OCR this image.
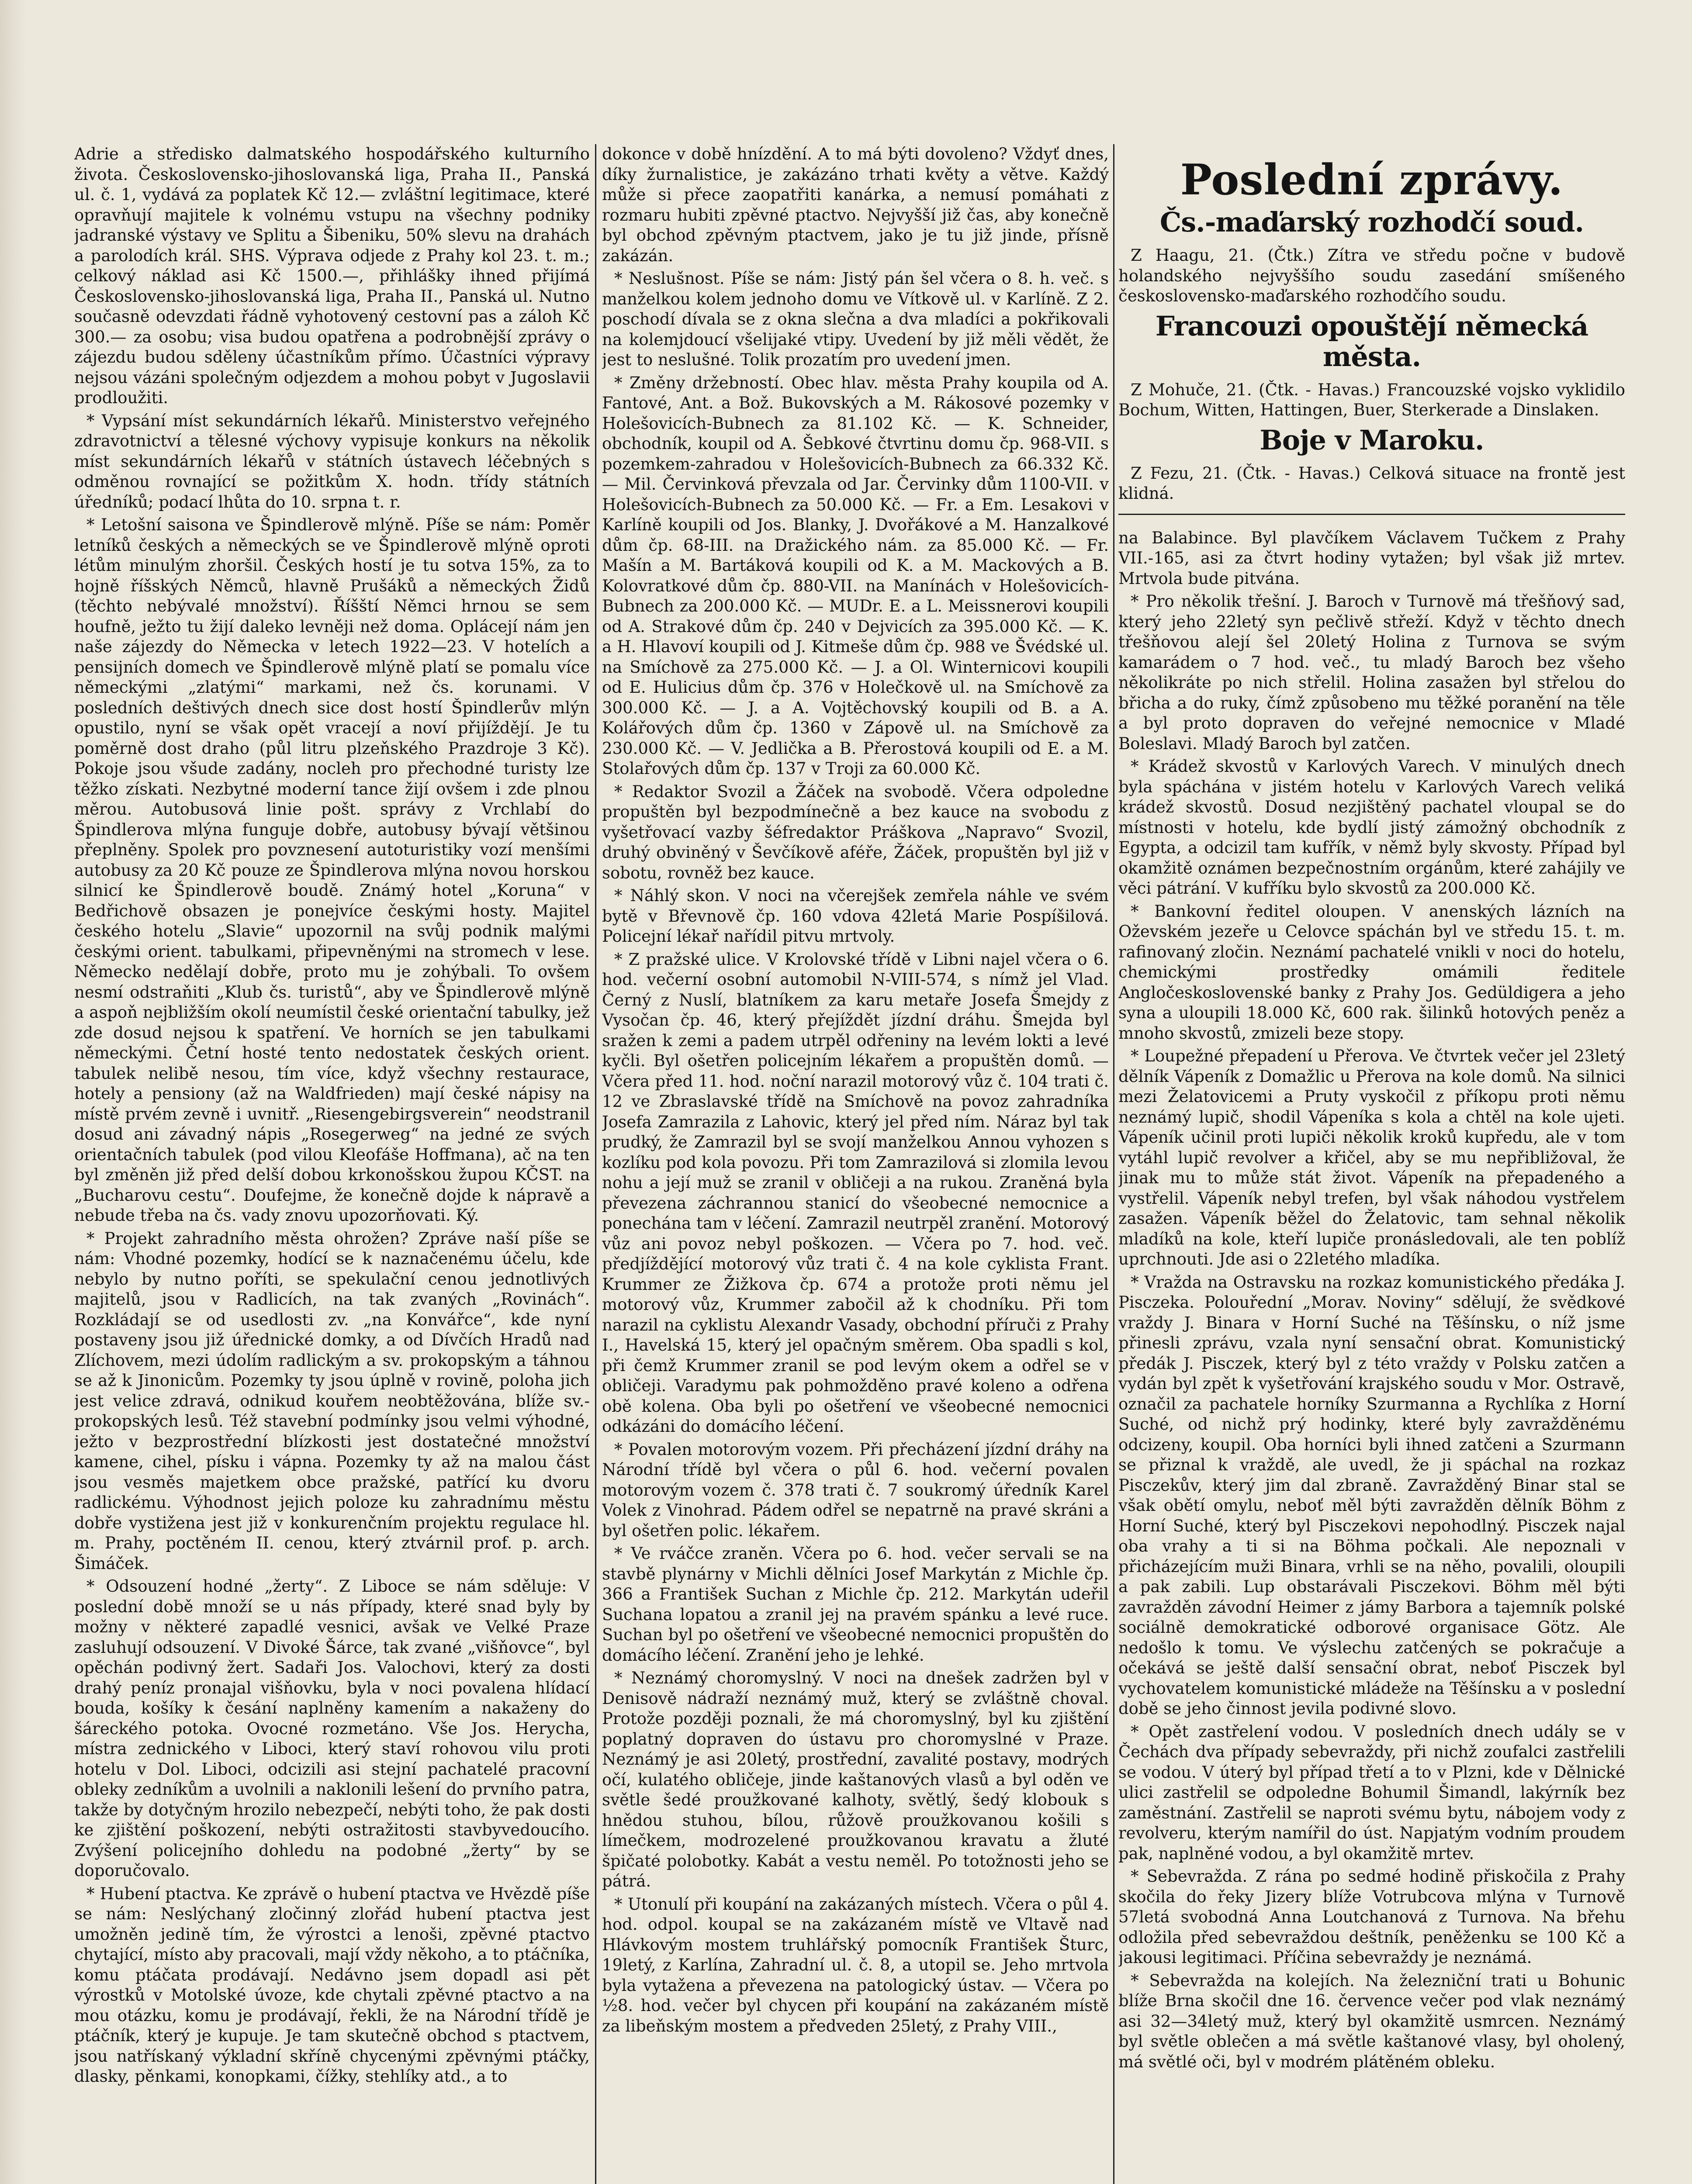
Adrie a středisko dalmatského hospodářského kulturního života. Československo-jihoslovanská liga, Praha II., Panská ul. č. 1, vydává za poplatek Kč 12.— zvláštní legitimace, které opravňují majitele k volnému vstupu na všechny podniky jadranské výstavy ve Splitu a Šibeniku, 50% slevu na drahách a parolodích král. SHS. Výprava odjede z Prahy kol 23. t. m.; celkový náklad asi Kč 1500.—, přihlášky ihned přijímá Československo-jihoslovanská liga, Praha II., Panská ul. Nutno současně odevzdati řádně vyhotovený cestovní pas a záloh Kč 300.— za osobu; visa budou opatřena a podrobnější zprávy o zájezdu budou sděleny účastníkům přímo. Účastníci výpravy nejsou vázáni společným odjezdem a mohou pobyt v Jugoslavii prodloužiti.

* Vypsání míst sekundárních lékařů. Ministerstvo veřejného zdravotnictví a tělesné výchovy vypisuje konkurs na několik míst sekundárních lékařů v státních ústavech léčebných s odměnou rovnající se požitkům X. hodn. třídy státních úředníků; podací lhůta do 10. srpna t. r.

* Letošní saisona ve Špindlerově mlýně. Píše se nám: Poměr letníků českých a německých se ve Špindlerově mlýně oproti létům minulým zhoršil. Českých hostí je tu sotva 15%, za to hojně říšských Němců, hlavně Prušáků a německých Židů (těchto nebývalé množství). Říšští Němci hrnou se sem houfně, ježto tu žijí daleko levněji než doma. Oplácejí nám jen naše zájezdy do Německa v letech 1922—23. V hotelích a pensijních domech ve Špindlerově mlýně platí se pomalu více německými „zlatými“ markami, než čs. korunami. V posledních deštivých dnech sice dost hostí Špindlerův mlýn opustilo, nyní se však opět vracejí a noví přijíždějí. Je tu poměrně dost draho (půl litru plzeňského Prazdroje 3 Kč). Pokoje jsou všude zadány, nocleh pro přechodné turisty lze těžko získati. Nezbytné moderní tance žijí ovšem i zde plnou měrou. Autobusová linie pošt. správy z Vrchlabí do Špindlerova mlýna funguje dobře, autobusy bývají většinou přeplněny. Spolek pro povznesení autoturistiky vozí menšími autobusy za 20 Kč pouze ze Špindlerova mlýna novou horskou silnicí ke Špindlerově boudě. Známý hotel „Koruna“ v Bedřichově obsazen je ponejvíce českými hosty. Majitel českého hotelu „Slavie“ upozornil na svůj podnik malými českými orient. tabulkami, připevněnými na stromech v lese. Německo nedělají dobře, proto mu je zohýbali. To ovšem nesmí odstraňiti „Klub čs. turistů“, aby ve Špindlerově mlýně a aspoň nejbližším okolí neumístil české orientační tabulky, jež zde dosud nejsou k spatření. Ve horních se jen tabulkami německými. Četní hosté tento nedostatek českých orient. tabulek nelibě nesou, tím více, když všechny restaurace, hotely a pensiony (až na Waldfrieden) mají české nápisy na místě prvém zevně i uvnitř. „Riesengebirgsverein“ neodstranil dosud ani závadný nápis „Rosegerweg“ na jedné ze svých orientačních tabulek (pod vilou Kleofáše Hoffmana), ač na ten byl změněn již před delší dobou krkonošskou župou KČST. na „Bucharovu cestu“. Doufejme, že konečně dojde k nápravě a nebude třeba na čs. vady znovu upozorňovati. Ký.

* Projekt zahradního města ohrožen? Zpráve naší píše se nám: Vhodné pozemky, hodící se k naznačenému účelu, kde nebylo by nutno poříti, se spekulační cenou jednotlivých majitelů, jsou v Radlicích, na tak zvaných „Rovinách“. Rozkládají se od usedlosti zv. „na Konvářce“, kde nyní postaveny jsou již úřednické domky, a od Dívčích Hradů nad Zlíchovem, mezi údolím radlickým a sv. prokopským a táhnou se až k Jinonicům. Pozemky ty jsou úplně v rovině, poloha jich jest velice zdravá, odnikud kouřem neobtěžována, blíže sv.-prokopských lesů. Též stavební podmínky jsou velmi výhodné, ježto v bezprostřední blízkosti jest dostatečné množství kamene, cihel, písku i vápna. Pozemky ty až na malou část jsou vesměs majetkem obce pražské, patřící ku dvoru radlickému. Výhodnost jejich poloze ku zahradnímu městu dobře vystižena jest již v konkurenčním projektu regulace hl. m. Prahy, poctěném II. cenou, který ztvárnil prof. p. arch. Šimáček.

* Odsouzení hodné „žerty“. Z Liboce se nám sděluje: V poslední době množí se u nás případy, které snad byly by možny v některé zapadlé vesnici, avšak ve Velké Praze zasluhují odsouzení. V Divoké Šárce, tak zvané „višňovce“, byl opěchán podivný žert. Sadaři Jos. Valochovi, který za dosti drahý peníz pronajal višňovku, byla v noci povalena hlídací bouda, košíky k česání naplněny kamením a nakaženy do šáreckého potoka. Ovocné rozmetáno. Vše Jos. Herycha, místra zednického v Liboci, který staví rohovou vilu proti hotelu v Dol. Liboci, odcizili asi stejní pachatelé pracovní obleky zedníkům a uvolnili a naklonili lešení do prvního patra, takže by dotyčným hrozilo nebezpečí, nebýti toho, že pak dosti ke zjištění poškození, nebýti ostražitosti stavbyvedoucího. Zvýšení policejního dohledu na podobné „žerty“ by se doporučovalo.

* Hubení ptactva. Ke zprávě o hubení ptactva ve Hvězdě píše se nám: Neslýchaný zločinný zlořád hubení ptactva jest umožněn jedině tím, že výrostci a lenoši, zpěvné ptactvo chytající, místo aby pracovali, mají vždy někoho, a to ptáčníka, komu ptáčata prodávají. Nedávno jsem dopadl asi pět výrostků v Motolské úvoze, kde chytali zpěvné ptactvo a na mou otázku, komu je prodávají, řekli, že na Národní třídě je ptáčník, který je kupuje. Je tam skutečně obchod s ptactvem, jsou natřískaný výkladní skříně chycenými zpěvnými ptáčky, dlasky, pěnkami, konopkami, čížky, stehlíky atd., a to

dokonce v době hnízdění. A to má býti dovoleno? Vždyť dnes, díky žurnalistice, je zakázáno trhati květy a větve. Každý může si přece zaopatřiti kanárka, a nemusí pomáhati z rozmaru hubiti zpěvné ptactvo. Nejvyšší již čas, aby konečně byl obchod zpěvným ptactvem, jako je tu již jinde, přísně zakázán.

* Neslušnost. Píše se nám: Jistý pán šel včera o 8. h. več. s manželkou kolem jednoho domu ve Vítkově ul. v Karlíně. Z 2. poschodí dívala se z okna slečna a dva mladíci a pokřikovali na kolemjdoucí všelijaké vtipy. Uvedení by již měli vědět, že jest to neslušné. Tolik prozatím pro uvedení jmen.

* Změny držebností. Obec hlav. města Prahy koupila od A. Fantové, Ant. a Bož. Bukovských a M. Rákosové pozemky v Holešovicích-Bubnech za 81.102 Kč. — K. Schneider, obchodník, koupil od A. Šebkové čtvrtinu domu čp. 968-VII. s pozemkem-zahradou v Holešovicích-Bubnech za 66.332 Kč. — Mil. Červinková převzala od Jar. Červinky dům 1100-VII. v Holešovicích-Bubnech za 50.000 Kč. — Fr. a Em. Lesakovi v Karlíně koupili od Jos. Blanky, J. Dvořákové a M. Hanzalkové dům čp. 68-III. na Dražického nám. za 85.000 Kč. — Fr. Mašín a M. Bartáková koupili od K. a M. Mackových a B. Kolovratkové dům čp. 880-VII. na Manínách v Holešovicích-Bubnech za 200.000 Kč. — MUDr. E. a L. Meissnerovi koupili od A. Strakové dům čp. 240 v Dejvicích za 395.000 Kč. — K. a H. Hlavoví koupili od J. Kitmeše dům čp. 988 ve Švédské ul. na Smíchově za 275.000 Kč. — J. a Ol. Winternicovi koupili od E. Hulicius dům čp. 376 v Holečkově ul. na Smíchově za 300.000 Kč. — J. a A. Vojtěchovský koupili od B. a A. Kolářových dům čp. 1360 v Zápově ul. na Smíchově za 230.000 Kč. — V. Jedlička a B. Přerostová koupili od E. a M. Stolařových dům čp. 137 v Troji za 60.000 Kč.

* Redaktor Svozil a Žáček na svobodě. Včera odpoledne propuštěn byl bezpodmínečně a bez kauce na svobodu z vyšetřovací vazby šéfredaktor Práškova „Napravo“ Svozil, druhý obviněný v Ševčíkově aféře, Žáček, propuštěn byl již v sobotu, rovněž bez kauce.

* Náhlý skon. V noci na včerejšek zemřela náhle ve svém bytě v Břevnově čp. 160 vdova 42letá Marie Pospíšilová. Policejní lékař nařídil pitvu mrtvoly.

* Z pražské ulice. V Krolovské třídě v Libni najel včera o 6. hod. večerní osobní automobil N-VIII-574, s nímž jel Vlad. Černý z Nuslí, blatníkem za karu metaře Josefa Šmejdy z Vysočan čp. 46, který přejíždět jízdní dráhu. Šmejda byl sražen k zemi a padem utrpěl odřeniny na levém lokti a levé kyčli. Byl ošetřen policejním lékařem a propuštěn domů. — Včera před 11. hod. noční narazil motorový vůz č. 104 trati č. 12 ve Zbraslavské třídě na Smíchově na povoz zahradníka Josefa Zamrazila z Lahovic, který jel před ním. Náraz byl tak prudký, že Zamrazil byl se svojí manželkou Annou vyhozen s kozlíku pod kola povozu. Při tom Zamrazilová si zlomila levou nohu a její muž se zranil v obličeji a na rukou. Zraněná byla převezena záchrannou stanicí do všeobecné nemocnice a ponechána tam v léčení. Zamrazil neutrpěl zranění. Motorový vůz ani povoz nebyl poškozen. — Včera po 7. hod. več. předjíždějící motorový vůz trati č. 4 na kole cyklista Frant. Krummer ze Žižkova čp. 674 a protože proti němu jel motorový vůz, Krummer zabočil až k chodníku. Při tom narazil na cyklistu Alexandr Vasady, obchodní příruči z Prahy I., Havelská 15, který jel opačným směrem. Oba spadli s kol, při čemž Krummer zranil se pod levým okem a odřel se v obličeji. Varadymu pak pohmožděno pravé koleno a odřena obě kolena. Oba byli po ošetření ve všeobecné nemocnici odkázáni do domácího léčení.

* Povalen motorovým vozem. Při přecházení jízdní dráhy na Národní třídě byl včera o půl 6. hod. večerní povalen motorovým vozem č. 378 trati č. 7 soukromý úředník Karel Volek z Vinohrad. Pádem odřel se nepatrně na pravé skráni a byl ošetřen polic. lékařem.

* Ve rváčce zraněn. Včera po 6. hod. večer servali se na stavbě plynárny v Michli dělníci Josef Markytán z Michle čp. 366 a František Suchan z Michle čp. 212. Markytán udeřil Suchana lopatou a zranil jej na pravém spánku a levé ruce. Suchan byl po ošetření ve všeobecné nemocnici propuštěn do domácího léčení. Zranění jeho je lehké.

* Neznámý choromyslný. V noci na dnešek zadržen byl v Denisově nádraží neznámý muž, který se zvláštně choval. Protože později poznali, že má choromyslný, byl ku zjištění poplatný dopraven do ústavu pro choromyslné v Praze. Neznámý je asi 20letý, prostřední, zavalité postavy, modrých očí, kulatého obličeje, jinde kaštanových vlasů a byl oděn ve světle šedé proužkované kalhoty, světlý, šedý klobouk s hnědou stuhou, bílou, růžově proužkovanou košili s límečkem, modrozelené proužkovanou kravatu a žluté špičaté polobotky. Kabát a vestu neměl. Po totožnosti jeho se pátrá.

* Utonulí při koupání na zakázaných místech. Včera o půl 4. hod. odpol. koupal se na zakázaném místě ve Vltavě nad Hlávkovým mostem truhlářský pomocník František Šturc, 19letý, z Karlína, Zahradní ul. č. 8, a utopil se. Jeho mrtvola byla vytažena a převezena na patologický ústav. — Včera po ½8. hod. večer byl chycen při koupání na zakázaném místě za libeňským mostem a předveden 25letý, z Prahy VIII.,

Poslední zprávy.
Čs.-maďarský rozhodčí soud.

Z Haagu, 21. (Čtk.) Zítra ve středu počne v budově holandského nejvyššího soudu zasedání smíšeného československo-maďarského rozhodčího soudu.

Francouzi opouštějí německá města.

Z Mohuče, 21. (Čtk. - Havas.) Francouzské vojsko vyklidilo Bochum, Witten, Hattingen, Buer, Sterkerade a Dinslaken.

Boje v Maroku.

Z Fezu, 21. (Čtk. - Havas.) Celková situace na frontě jest klidná.

na Balabince. Byl plavčíkem Václavem Tučkem z Prahy VII.-165, asi za čtvrt hodiny vytažen; byl však již mrtev. Mrtvola bude pitvána.

* Pro několik třešní. J. Baroch v Turnově má třešňový sad, který jeho 22letý syn pečlivě střeží. Když v těchto dnech třešňovou alejí šel 20letý Holina z Turnova se svým kamarádem o 7 hod. več., tu mladý Baroch bez všeho několikráte po nich střelil. Holina zasažen byl střelou do břicha a do ruky, čímž způsobeno mu těžké poranění na těle a byl proto dopraven do veřejné nemocnice v Mladé Boleslavi. Mladý Baroch byl zatčen.

* Krádež skvostů v Karlových Varech. V minulých dnech byla spáchána v jistém hotelu v Karlových Varech veliká krádež skvostů. Dosud nezjištěný pachatel vloupal se do místnosti v hotelu, kde bydlí jistý zámožný obchodník z Egypta, a odcizil tam kufřík, v němž byly skvosty. Případ byl okamžitě oznámen bezpečnostním orgánům, které zahájily ve věci pátrání. V kufříku bylo skvostů za 200.000 Kč.

* Bankovní ředitel oloupen. V anenských lázních na Oževském jezeře u Celovce spáchán byl ve středu 15. t. m. rafinovaný zločin. Neznámí pachatelé vnikli v noci do hotelu, chemickými prostředky omámili ředitele Angločeskoslovenské banky z Prahy Jos. Gedüldigera a jeho syna a uloupili 18.000 Kč, 600 rak. šilinků hotových peněz a mnoho skvostů, zmizeli beze stopy.

* Loupežné přepadení u Přerova. Ve čtvrtek večer jel 23letý dělník Vápeník z Domažlic u Přerova na kole domů. Na silnici mezi Želatovicemi a Pruty vyskočil z příkopu proti němu neznámý lupič, shodil Vápeníka s kola a chtěl na kole ujeti. Vápeník učinil proti lupiči několik kroků kupředu, ale v tom vytáhl lupič revolver a křičel, aby se mu nepřibližoval, že jinak mu to může stát život. Vápeník na přepadeného a vystřelil. Vápeník nebyl trefen, byl však náhodou vystřelem zasažen. Vápeník běžel do Želatovic, tam sehnal několik mladíků na kole, kteří lupiče pronásledovali, ale ten poblíž uprchnouti. Jde asi o 22letého mladíka.

* Vražda na Ostravsku na rozkaz komunistického předáka J. Pisczeka. Polouřední „Morav. Noviny“ sdělují, že svědkové vraždy J. Binara v Horní Suché na Těšínsku, o níž jsme přinesli zprávu, vzala nyní sensační obrat. Komunistický předák J. Pisczek, který byl z této vraždy v Polsku zatčen a vydán byl zpět k vyšetřování krajského soudu v Mor. Ostravě, označil za pachatele horníky Szurmanna a Rychlíka z Horní Suché, od nichž prý hodinky, které byly zavražděnému odcizeny, koupil. Oba horníci byli ihned zatčeni a Szurmann se přiznal k vraždě, ale uvedl, že ji spáchal na rozkaz Pisczekův, který jim dal zbraně. Zavražděný Binar stal se však obětí omylu, neboť měl býti zavražděn dělník Böhm z Horní Suché, který byl Pisczekovi nepohodlný. Pisczek najal oba vrahy a ti si na Böhma počkali. Ale nepoznali v přicházejícím muži Binara, vrhli se na něho, povalili, oloupili a pak zabili. Lup obstarávali Pisczekovi. Böhm měl býti zavražděn závodní Heimer z jámy Barbora a tajemník polské sociálně demokratické odborové organisace Götz. Ale nedošlo k tomu. Ve výslechu zatčených se pokračuje a očekává se ještě další sensační obrat, neboť Pisczek byl vychovatelem komunistické mládeže na Těšínsku a v poslední době se jeho činnost jevila podivné slovo.

* Opět zastřelení vodou. V posledních dnech udály se v Čechách dva případy sebevraždy, při nichž zoufalci zastřelili se vodou. V úterý byl případ třetí a to v Plzni, kde v Dělnické ulici zastřelil se odpoledne Bohumil Šimandl, lakýrník bez zaměstnání. Zastřelil se naproti svému bytu, nábojem vody z revolveru, kterým namířil do úst. Napjatým vodním proudem pak, naplněné vodou, a byl okamžitě mrtev.

* Sebevražda. Z rána po sedmé hodině přiskočila z Prahy skočila do řeky Jizery blíže Votrubcova mlýna v Turnově 57letá svobodná Anna Loutchanová z Turnova. Na břehu odložila před sebevraždou deštník, peněženku se 100 Kč a jakousi legitimaci. Příčina sebevraždy je neznámá.

* Sebevražda na kolejích. Na železniční trati u Bohunic blíže Brna skočil dne 16. července večer pod vlak neznámý asi 32—34letý muž, který byl okamžitě usmrcen. Neznámý byl světle oblečen a má světle kaštanové vlasy, byl oholený, má světlé oči, byl v modrém plátěném obleku.
